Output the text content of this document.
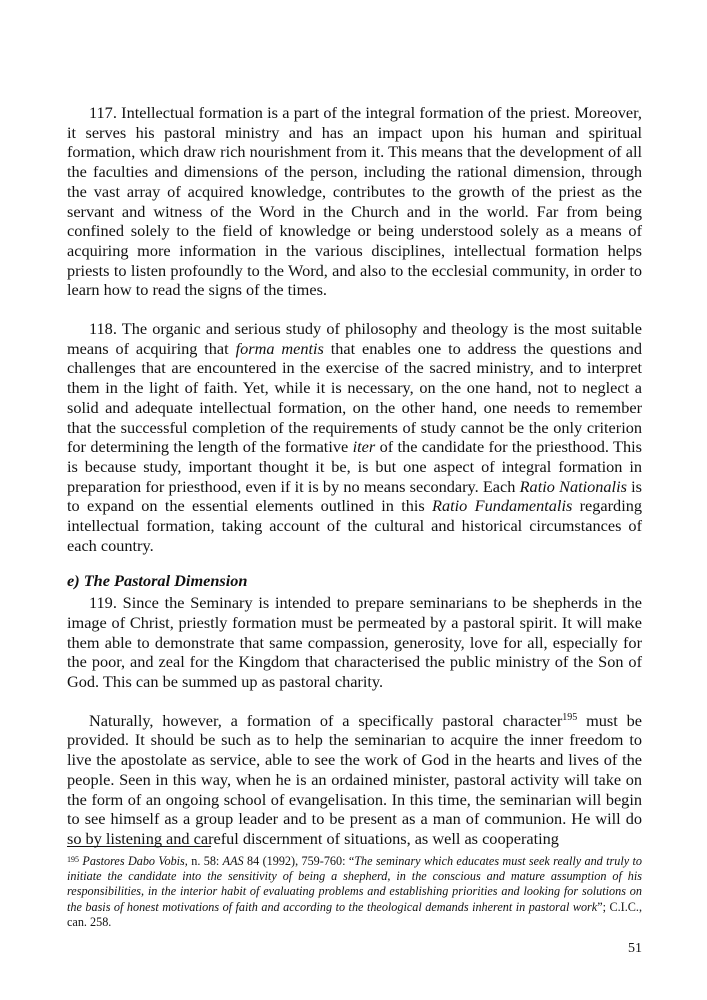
117. Intellectual formation is a part of the integral formation of the priest. Moreover, it serves his pastoral ministry and has an impact upon his human and spiritual formation, which draw rich nourishment from it. This means that the development of all the faculties and dimensions of the person, including the rational dimension, through the vast array of acquired knowledge, contributes to the growth of the priest as the servant and witness of the Word in the Church and in the world. Far from being confined solely to the field of knowledge or being understood solely as a means of acquiring more information in the various disciplines, intellectual formation helps priests to listen profoundly to the Word, and also to the ecclesial community, in order to learn how to read the signs of the times.

118. The organic and serious study of philosophy and theology is the most suitable means of acquiring that forma mentis that enables one to address the questions and challenges that are encountered in the exercise of the sacred ministry, and to interpret them in the light of faith. Yet, while it is necessary, on the one hand, not to neglect a solid and adequate intellectual formation, on the other hand, one needs to remember that the successful completion of the requirements of study cannot be the only criterion for determining the length of the formative iter of the candidate for the priesthood. This is because study, important thought it be, is but one aspect of integral formation in preparation for priesthood, even if it is by no means secondary. Each Ratio Nationalis is to expand on the essential elements outlined in this Ratio Fundamentalis regarding intellectual formation, taking account of the cultural and historical circumstances of each country.

e) The Pastoral Dimension

119. Since the Seminary is intended to prepare seminarians to be shepherds in the image of Christ, priestly formation must be permeated by a pastoral spirit. It will make them able to demonstrate that same compassion, generosity, love for all, especially for the poor, and zeal for the Kingdom that characterised the public ministry of the Son of God. This can be summed up as pastoral charity.

Naturally, however, a formation of a specifically pastoral character$^{195}$ must be provided. It should be such as to help the seminarian to acquire the inner freedom to live the apostolate as service, able to see the work of God in the hearts and lives of the people. Seen in this way, when he is an ordained minister, pastoral activity will take on the form of an ongoing school of evangelisation. In this time, the seminarian will begin to see himself as a group leader and to be present as a man of communion. He will do so by listening and careful discernment of situations, as well as cooperating

$^{195}$ Pastores Dabo Vobis, n. 58: AAS 84 (1992), 759-760: “The seminary which educates must seek really and truly to initiate the candidate into the sensitivity of being a shepherd, in the conscious and mature assumption of his responsibilities, in the interior habit of evaluating problems and establishing priorities and looking for solutions on the basis of honest motivations of faith and according to the theological demands inherent in pastoral work”; C.I.C., can. 258.

51
